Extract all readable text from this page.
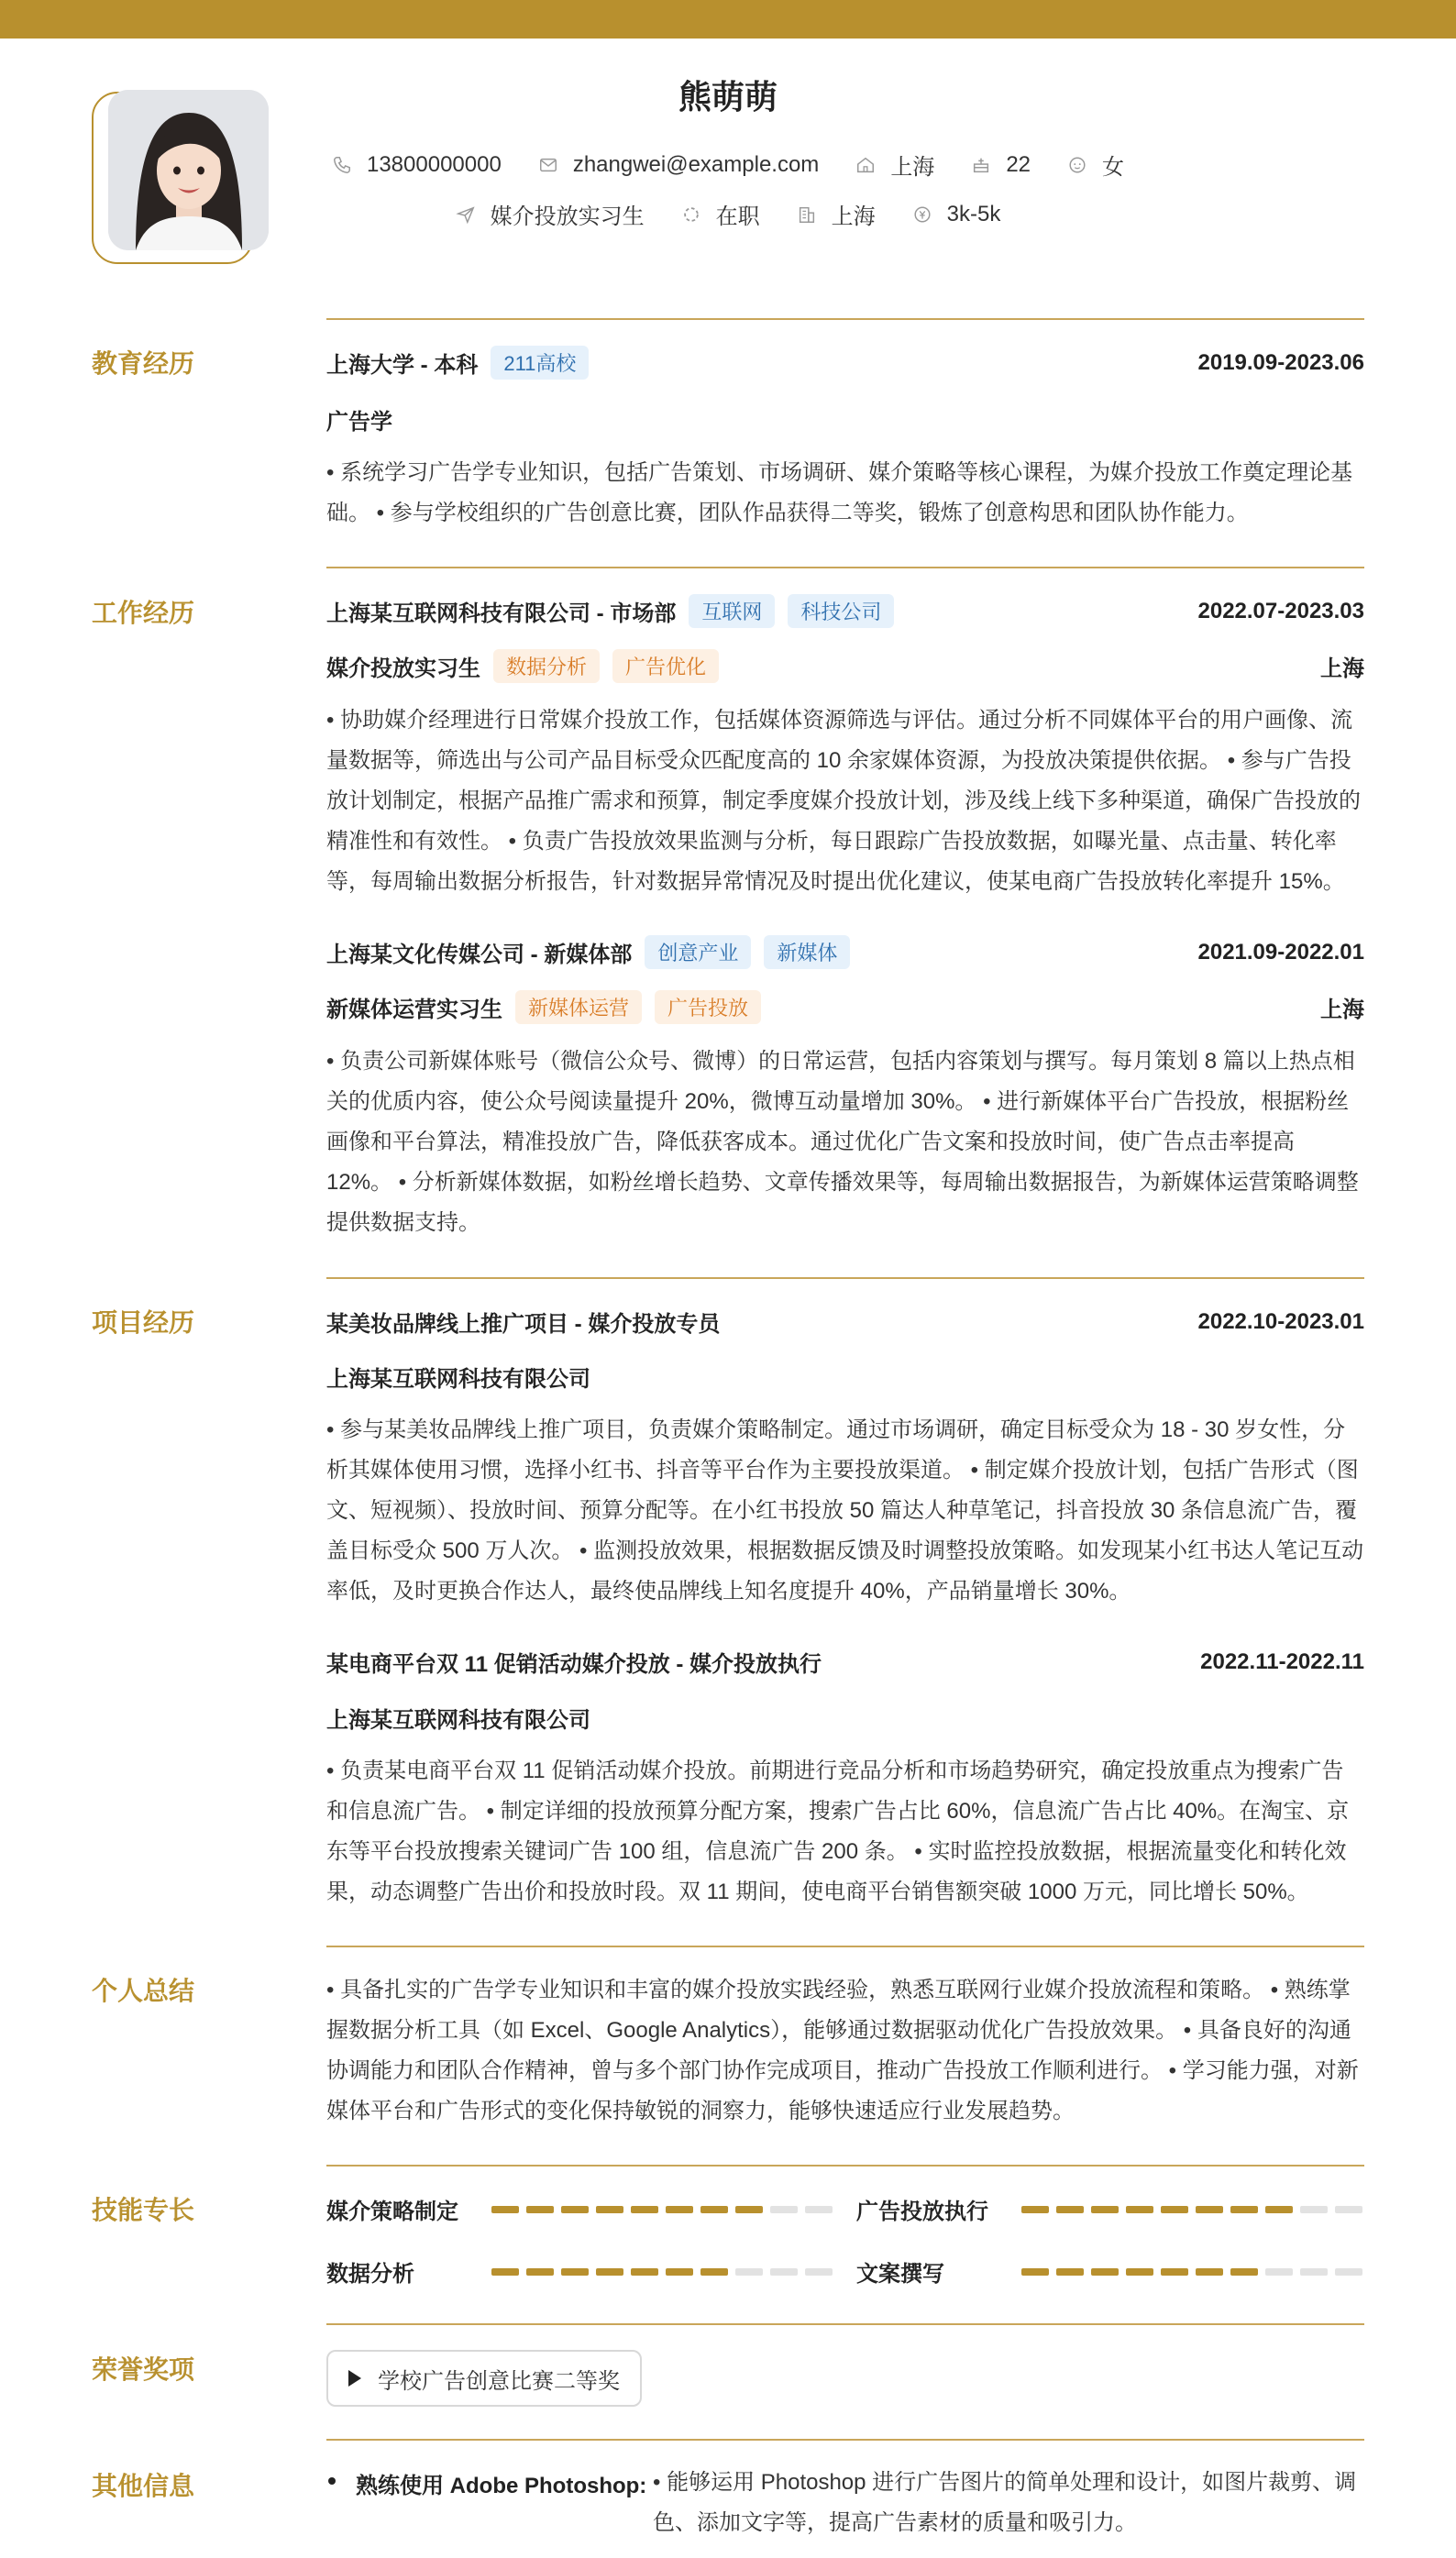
熊萌萌
13800000000	zhangwei@example.com	上海	22	女
媒介投放实习生	在职	上海	3k-5k
教育经历	上海大学 - 本科	211高校	2019.09-2023.06
广告学

• 系统学习广告学专业知识，包括广告策划、市场调研、媒介策略等核心课程，为媒介投放工作奠定理论基础。 • 参与学校组织的广告创意比赛，团队作品获得二等奖，锻炼了创意构思和团队协作能力。

工作经历	上海某互联网科技有限公司 - 市场部	互联网	科技公司	2022.07-2023.03
媒介投放实习生	数据分析	广告优化	上海

• 协助媒介经理进行日常媒介投放工作，包括媒体资源筛选与评估。通过分析不同媒体平台的用户画像、流量数据等，筛选出与公司产品目标受众匹配度高的 10 余家媒体资源，为投放决策提供依据。 • 参与广告投放计划制定，根据产品推广需求和预算，制定季度媒介投放计划，涉及线上线下多种渠道，确保广告投放的精准性和有效性。 • 负责广告投放效果监测与分析，每日跟踪广告投放数据，如曝光量、点击量、转化率等，每周输出数据分析报告，针对数据异常情况及时提出优化建议，使某电商广告投放转化率提升 15%。

上海某文化传媒公司 - 新媒体部	创意产业	新媒体	2021.09-2022.01
新媒体运营实习生	新媒体运营	广告投放	上海

• 负责公司新媒体账号（微信公众号、微博）的日常运营，包括内容策划与撰写。每月策划 8 篇以上热点相关的优质内容，使公众号阅读量提升 20%，微博互动量增加 30%。 • 进行新媒体平台广告投放，根据粉丝画像和平台算法，精准投放广告，降低获客成本。通过优化广告文案和投放时间，使广告点击率提高 12%。 • 分析新媒体数据，如粉丝增长趋势、文章传播效果等，每周输出数据报告，为新媒体运营策略调整提供数据支持。

项目经历	某美妆品牌线上推广项目 - 媒介投放专员	2022.10-2023.01
上海某互联网科技有限公司

• 参与某美妆品牌线上推广项目，负责媒介策略制定。通过市场调研，确定目标受众为 18 - 30 岁女性，分析其媒体使用习惯，选择小红书、抖音等平台作为主要投放渠道。 • 制定媒介投放计划，包括广告形式（图文、短视频）、投放时间、预算分配等。在小红书投放 50 篇达人种草笔记，抖音投放 30 条信息流广告，覆盖目标受众 500 万人次。 • 监测投放效果，根据数据反馈及时调整投放策略。如发现某小红书达人笔记互动率低，及时更换合作达人，最终使品牌线上知名度提升 40%，产品销量增长 30%。

某电商平台双 11 促销活动媒介投放 - 媒介投放执行	2022.11-2022.11
上海某互联网科技有限公司

• 负责某电商平台双 11 促销活动媒介投放。前期进行竞品分析和市场趋势研究，确定投放重点为搜索广告和信息流广告。 • 制定详细的投放预算分配方案，搜索广告占比 60%，信息流广告占比 40%。在淘宝、京东等平台投放搜索关键词广告 100 组，信息流广告 200 条。 • 实时监控投放数据，根据流量变化和转化效果，动态调整广告出价和投放时段。双 11 期间，使电商平台销售额突破 1000 万元，同比增长 50%。

个人总结	• 具备扎实的广告学专业知识和丰富的媒介投放实践经验，熟悉互联网行业媒介投放流程和策略。 • 熟练掌握数据分析工具（如 Excel、Google Analytics），能够通过数据驱动优化广告投放效果。 • 具备良好的沟通协调能力和团队合作精神，曾与多个部门协作完成项目，推动广告投放工作顺利进行。 • 学习能力强，对新媒体平台和广告形式的变化保持敏锐的洞察力，能够快速适应行业发展趋势。

技能专长	媒介策略制定	广告投放执行
数据分析	文案撰写
荣誉奖项	学校广告创意比赛二等奖
其他信息	熟练使用 Adobe Photoshop: • 能够运用 Photoshop 进行广告图片的简单处理和设计，如图片裁剪、调色、添加文字等，提高广告素材的质量和吸引力。
